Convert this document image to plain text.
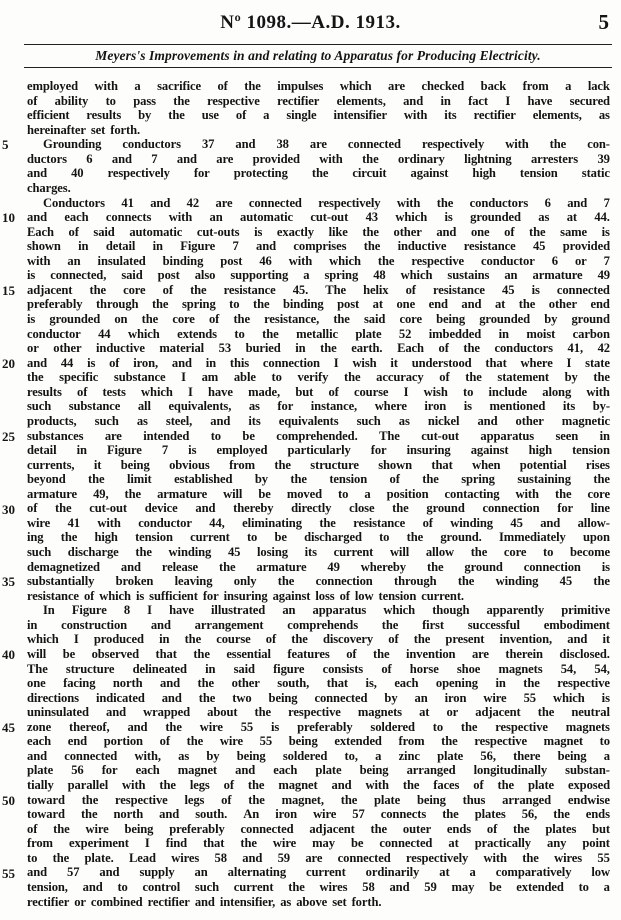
Nº 1098.—A.D. 1913.	5
Meyers's Improvements in and relating to Apparatus for Producing Electricity.
5
10
15
20
25
30
35
40
45
50
55
employed with a sacrifice of the impulses which are checked back from a lack
of ability to pass the respective rectifier elements, and in fact I have secured
efficient results by the use of a single intensifier with its rectifier elements, as
hereinafter set forth.
Grounding conductors 37 and 38 are connected respectively with the con-
ductors 6 and 7 and are provided with the ordinary lightning arresters 39
and 40 respectively for protecting the circuit against high tension static
charges.
Conductors 41 and 42 are connected respectively with the conductors 6 and 7
and each connects with an automatic cut-out 43 which is grounded as at 44.
Each of said automatic cut-outs is exactly like the other and one of the same is
shown in detail in Figure 7 and comprises the inductive resistance 45 provided
with an insulated binding post 46 with which the respective conductor 6 or 7
is connected, said post also supporting a spring 48 which sustains an armature 49
adjacent the core of the resistance 45. The helix of resistance 45 is connected
preferably through the spring to the binding post at one end and at the other end
is grounded on the core of the resistance, the said core being grounded by ground
conductor 44 which extends to the metallic plate 52 imbedded in moist carbon
or other inductive material 53 buried in the earth. Each of the conductors 41, 42
and 44 is of iron, and in this connection I wish it understood that where I state
the specific substance I am able to verify the accuracy of the statement by the
results of tests which I have made, but of course I wish to include along with
such substance all equivalents, as for instance, where iron is mentioned its by-
products, such as steel, and its equivalents such as nickel and other magnetic
substances are intended to be comprehended. The cut-out apparatus seen in
detail in Figure 7 is employed particularly for insuring against high tension
currents, it being obvious from the structure shown that when potential rises
beyond the limit established by the tension of the spring sustaining the
armature 49, the armature will be moved to a position contacting with the core
of the cut-out device and thereby directly close the ground connection for line
wire 41 with conductor 44, eliminating the resistance of winding 45 and allow-
ing the high tension current to be discharged to the ground. Immediately upon
such discharge the winding 45 losing its current will allow the core to become
demagnetized and release the armature 49 whereby the ground connection is
substantially broken leaving only the connection through the winding 45 the
resistance of which is sufficient for insuring against loss of low tension current.
In Figure 8 I have illustrated an apparatus which though apparently primitive
in construction and arrangement comprehends the first successful embodiment
which I produced in the course of the discovery of the present invention, and it
will be observed that the essential features of the invention are therein disclosed.
The structure delineated in said figure consists of horse shoe magnets 54, 54,
one facing north and the other south, that is, each opening in the respective
directions indicated and the two being connected by an iron wire 55 which is
uninsulated and wrapped about the respective magnets at or adjacent the neutral
zone thereof, and the wire 55 is preferably soldered to the respective magnets
each end portion of the wire 55 being extended from the respective magnet to
and connected with, as by being soldered to, a zinc plate 56, there being a
plate 56 for each magnet and each plate being arranged longitudinally substan-
tially parallel with the legs of the magnet and with the faces of the plate exposed
toward the respective legs of the magnet, the plate being thus arranged endwise
toward the north and south. An iron wire 57 connects the plates 56, the ends
of the wire being preferably connected adjacent the outer ends of the plates but
from experiment I find that the wire may be connected at practically any point
to the plate. Lead wires 58 and 59 are connected respectively with the wires 55
and 57 and supply an alternating current ordinarily at a comparatively low
tension, and to control such current the wires 58 and 59 may be extended to a
rectifier or combined rectifier and intensifier, as above set forth.
